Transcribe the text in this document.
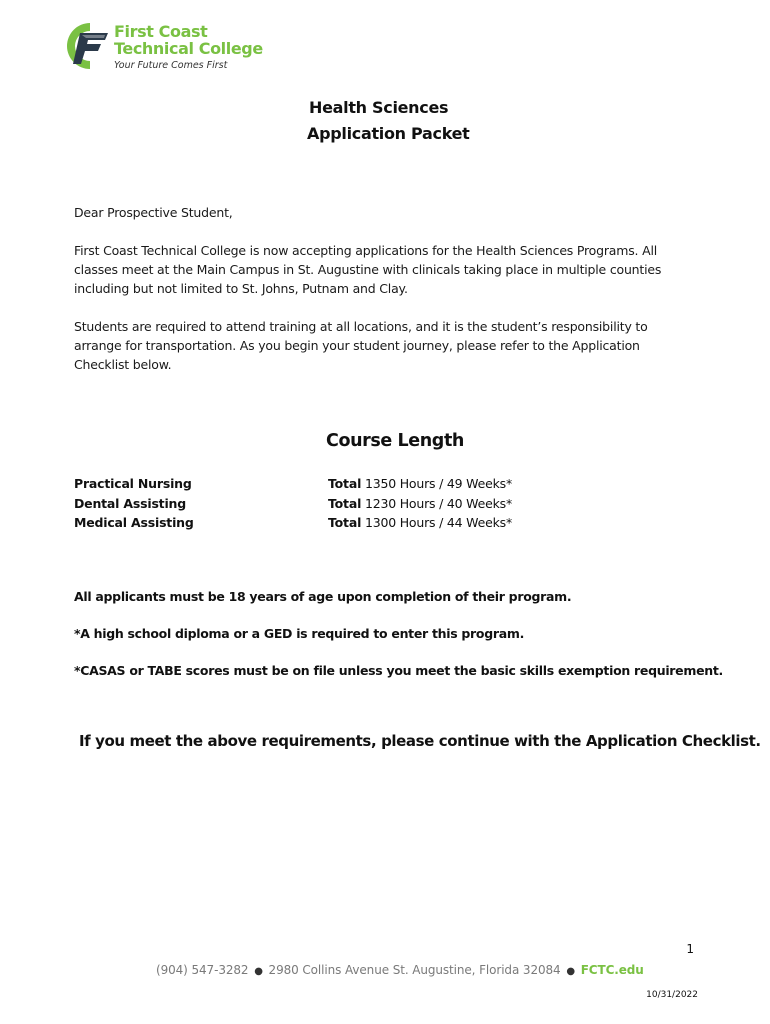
First Coast
Technical College
Your Future Comes First
Health Sciences
Application Packet
Dear Prospective Student,
First Coast Technical College is now accepting applications for the Health Sciences Programs. All classes meet at the Main Campus in St. Augustine with clinicals taking place in multiple counties including but not limited to St. Johns, Putnam and Clay.
Students are required to attend training at all locations, and it is the student’s responsibility to arrange for transportation. As you begin your student journey, please refer to the Application Checklist below.
Course Length
Practical Nursing	Total 1350 Hours / 49 Weeks*
Dental Assisting	Total 1230 Hours / 40 Weeks*
Medical Assisting	Total 1300 Hours / 44 Weeks*
All applicants must be 18 years of age upon completion of their program.
*A high school diploma or a GED is required to enter this program.
*CASAS or TABE scores must be on file unless you meet the basic skills exemption requirement.
If you meet the above requirements, please continue with the Application Checklist.
1
(904) 547-3282 ● 2980 Collins Avenue St. Augustine, Florida 32084 ● FCTC.edu
10/31/2022
